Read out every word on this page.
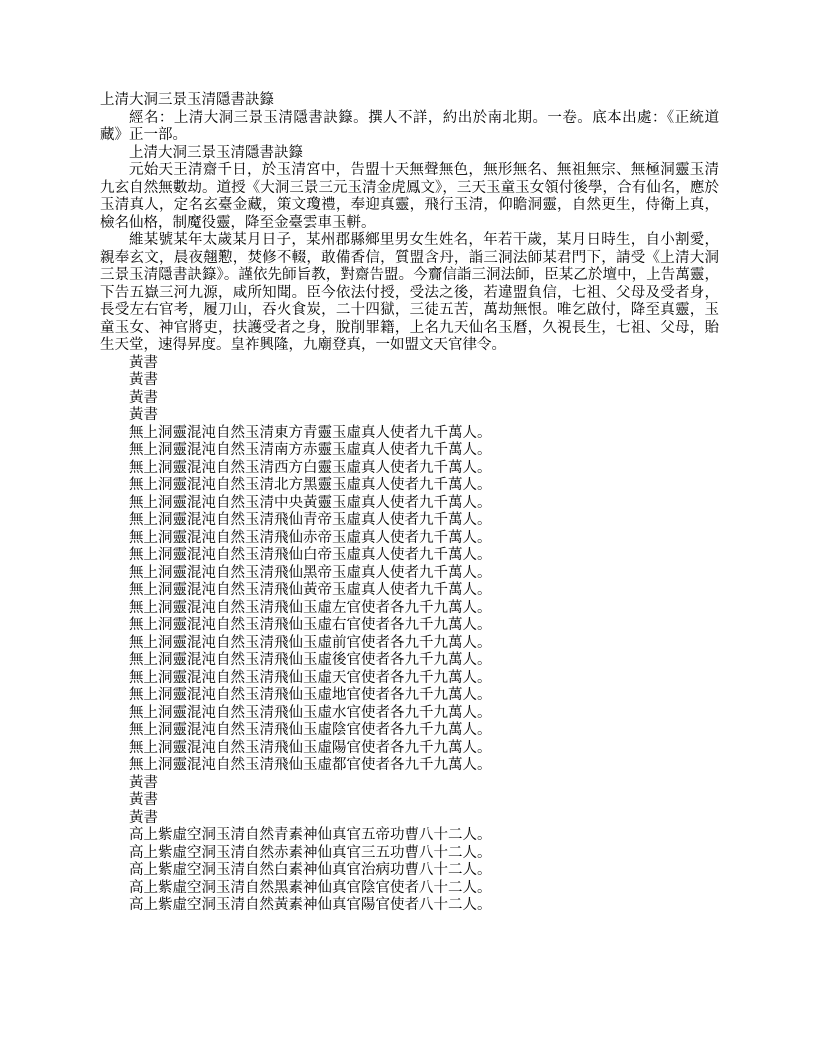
上清大洞三景玉清隱書訣籙

經名：上清大洞三景玉清隱書訣籙。撰人不詳，約出於南北期。一卷。底本出處：《正統道藏》正一部。

上清大洞三景玉清隱書訣籙

元始天王清齋千日，於玉清宮中，告盟十天無聲無色，無形無名、無祖無宗、無極洞靈玉清九玄自然無數劫。道授《大洞三景三元玉清金虎鳳文》，三天玉童玉女領付後學，合有仙名，應於玉清真人，定名玄臺金藏，策文瓊禮，奉迎真靈，飛行玉清，仰瞻洞靈，自然更生，侍衛上真，檢名仙格，制魔役靈，降至金臺雲車玉軿。

維某號某年太歲某月日子，某州郡縣鄉里男女生姓名，年若干歲，某月日時生，自小割愛，親奉玄文，晨夜翹懃，焚修不輟，敢備香信，質盟含丹，詣三洞法師某君門下，請受《上清大洞三景玉清隱書訣籙》。謹依先師旨教，對齋告盟。今齎信詣三洞法師，臣某乙於壇中，上告萬靈，下告五嶽三河九源，咸所知聞。臣今依法付授，受法之後，若違盟負信，七祖、父母及受者身，長受左右官考，履刀山，吞火食炭，二十四獄，三徒五苦，萬劫無恨。唯乞啟付，降至真靈，玉童玉女、神官將吏，扶護受者之身，脫削罪籍，上名九天仙名玉曆，久視長生，七祖、父母，貽生天堂，速得昇度。皇祚興隆，九廟登真，一如盟文天官律令。

黃書

黃書

黃書

黃書

無上洞靈混沌自然玉清東方青靈玉虛真人使者九千萬人。

無上洞靈混沌自然玉清南方赤靈玉虛真人使者九千萬人。

無上洞靈混沌自然玉清西方白靈玉虛真人使者九千萬人。

無上洞靈混沌自然玉清北方黑靈玉虛真人使者九千萬人。

無上洞靈混沌自然玉清中央黃靈玉虛真人使者九千萬人。

無上洞靈混沌自然玉清飛仙青帝玉虛真人使者九千萬人。

無上洞靈混沌自然玉清飛仙赤帝玉虛真人使者九千萬人。

無上洞靈混沌自然玉清飛仙白帝玉虛真人使者九千萬人。

無上洞靈混沌自然玉清飛仙黑帝玉虛真人使者九千萬人。

無上洞靈混沌自然玉清飛仙黃帝玉虛真人使者九千萬人。

無上洞靈混沌自然玉清飛仙玉虛左官使者各九千九萬人。

無上洞靈混沌自然玉清飛仙玉虛右官使者各九千九萬人。

無上洞靈混沌自然玉清飛仙玉虛前官使者各九千九萬人。

無上洞靈混沌自然玉清飛仙玉虛後官使者各九千九萬人。

無上洞靈混沌自然玉清飛仙玉虛天官使者各九千九萬人。

無上洞靈混沌自然玉清飛仙玉虛地官使者各九千九萬人。

無上洞靈混沌自然玉清飛仙玉虛水官使者各九千九萬人。

無上洞靈混沌自然玉清飛仙玉虛陰官使者各九千九萬人。

無上洞靈混沌自然玉清飛仙玉虛陽官使者各九千九萬人。

無上洞靈混沌自然玉清飛仙玉虛都官使者各九千九萬人。

黃書

黃書

黃書

高上紫虛空洞玉清自然青素神仙真官五帝功曹八十二人。

高上紫虛空洞玉清自然赤素神仙真官三五功曹八十二人。

高上紫虛空洞玉清自然白素神仙真官治病功曹八十二人。

高上紫虛空洞玉清自然黑素神仙真官陰官使者八十二人。

高上紫虛空洞玉清自然黃素神仙真官陽官使者八十二人。
